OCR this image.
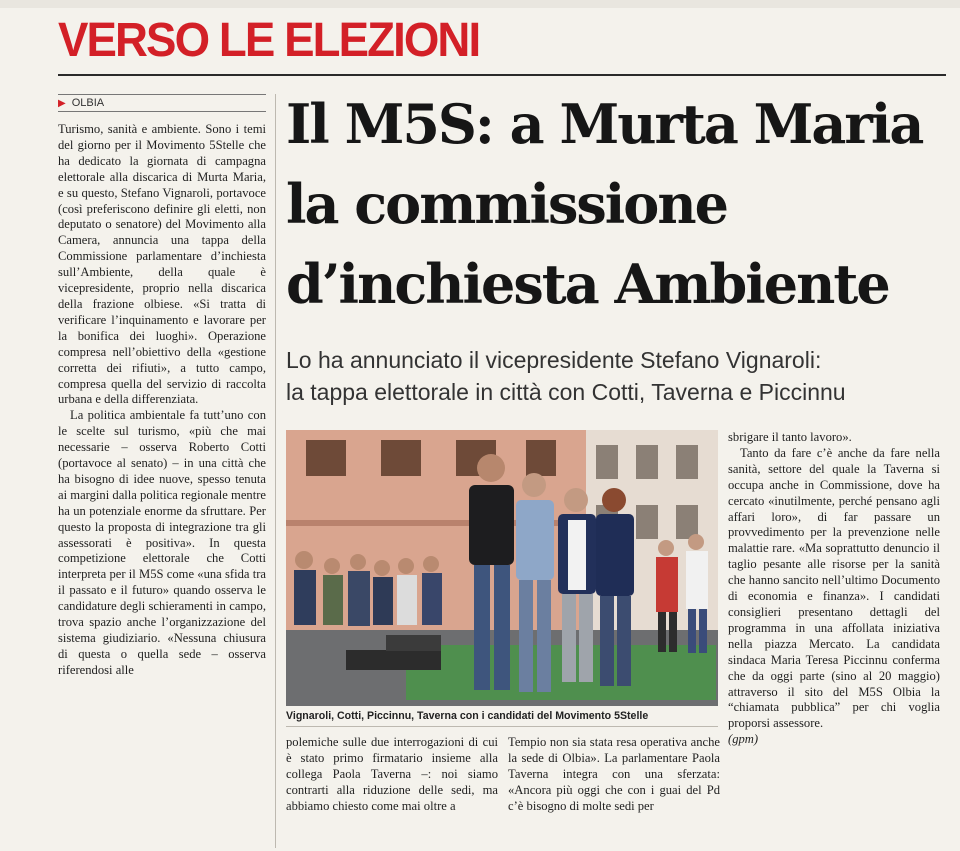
VERSO LE ELEZIONI
▶ OLBIA	Il M5S: a Murta Maria
la commissione
d’inchiesta Ambiente
Lo ha annunciato il vicepresidente Stefano Vignaroli:
la tappa elettorale in città con Cotti, Taverna e Piccinnu

Turismo, sanità e ambiente. Sono i temi del giorno per il Movimento 5Stelle che ha dedicato la giornata di campagna elettorale alla discarica di Murta Maria, e su questo, Stefano Vignaroli, portavoce (così preferiscono definire gli eletti, non deputato o senatore) del Movimento alla Camera, annuncia una tappa della Commissione parlamentare d’inchiesta sull’Ambiente, della quale è vicepresidente, proprio nella discarica della frazione olbiese. «Si tratta di verificare l’inquinamento e lavorare per la bonifica dei luoghi». Operazione compresa nell’obiettivo della «gestione corretta dei rifiuti», a tutto campo, compresa quella del servizio di raccolta urbana e della differenziata.

La politica ambientale fa tutt’uno con le scelte sul turismo, «più che mai necessarie – osserva Roberto Cotti (portavoce al senato) – in una città che ha bisogno di idee nuove, spesso tenuta ai margini dalla politica regionale mentre ha un potenziale enorme da sfruttare. Per questo la proposta di integrazione tra gli assessorati è positiva». In questa competizione elettorale che Cotti interpreta per il M5S come «una sfida tra il passato e il futuro» quando osserva le candidature degli schieramenti in campo, trova spazio anche l’organizzazione del sistema giudiziario. «Nessuna chiusura di questa o quella sede – osserva riferendosi alle

Vignaroli, Cotti, Piccinnu, Taverna con i candidati del Movimento 5Stelle

sbrigare il tanto lavoro».

Tanto da fare c’è anche da fare nella sanità, settore del quale la Taverna si occupa anche in Commissione, dove ha cercato «inutilmente, perché pensano agli affari loro», di far passare un provvedimento per la prevenzione nelle malattie rare. «Ma soprattutto denuncio il taglio pesante alle risorse per la sanità che hanno sancito nell’ultimo Documento di economia e finanza». I candidati consiglieri presentano dettagli del programma in una affollata iniziativa nella piazza Mercato. La candidata sindaca Maria Teresa Piccinnu conferma che da oggi parte (sino al 20 maggio) attraverso il sito del M5S Olbia la “chiamata pubblica” per chi voglia proporsi assessore.

(gpm)

polemiche sulle due interrogazioni di cui è stato primo firmatario insieme alla collega Paola Taverna –: noi siamo contrarti alla riduzione delle sedi, ma abbiamo chiesto come mai oltre a

Tempio non sia stata resa operativa anche la sede di Olbia». La parlamentare Paola Taverna integra con una sferzata: «Ancora più oggi che con i guai del Pd c’è bisogno di molte sedi per
